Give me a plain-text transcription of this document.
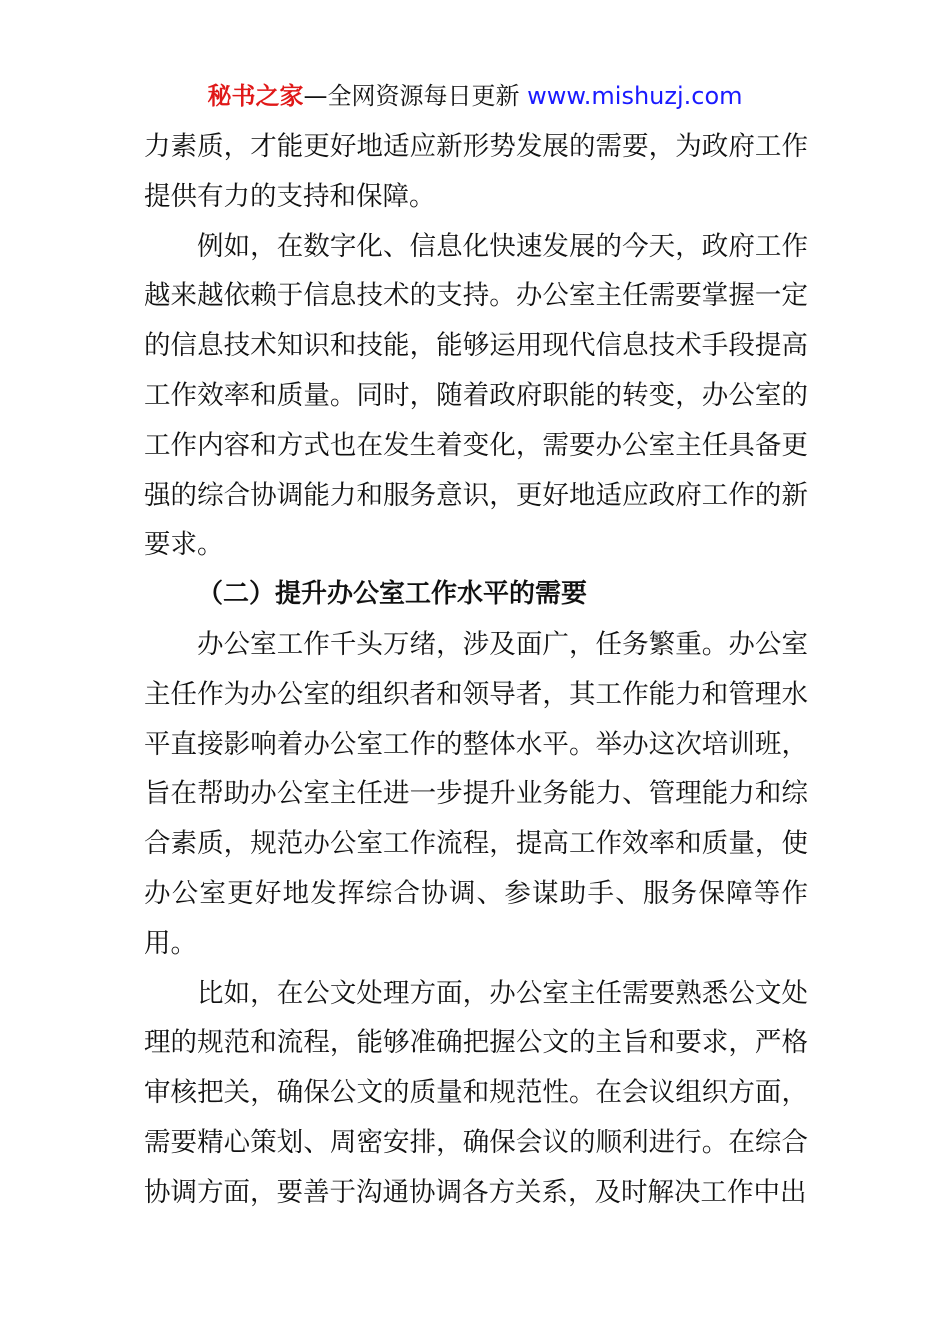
秘书之家—全网资源每日更新 www.mishuzj.com

力素质，才能更好地适应新形势发展的需要，为政府工作提供有力的支持和保障。

例如，在数字化、信息化快速发展的今天，政府工作越来越依赖于信息技术的支持。办公室主任需要掌握一定的信息技术知识和技能，能够运用现代信息技术手段提高工作效率和质量。同时，随着政府职能的转变，办公室的工作内容和方式也在发生着变化，需要办公室主任具备更强的综合协调能力和服务意识，更好地适应政府工作的新要求。

（二）提升办公室工作水平的需要

办公室工作千头万绪，涉及面广，任务繁重。办公室主任作为办公室的组织者和领导者，其工作能力和管理水平直接影响着办公室工作的整体水平。举办这次培训班，旨在帮助办公室主任进一步提升业务能力、管理能力和综合素质，规范办公室工作流程，提高工作效率和质量，使办公室更好地发挥综合协调、参谋助手、服务保障等作用。

比如，在公文处理方面，办公室主任需要熟悉公文处理的规范和流程，能够准确把握公文的主旨和要求，严格审核把关，确保公文的质量和规范性。在会议组织方面，需要精心策划、周密安排，确保会议的顺利进行。在综合协调方面，要善于沟通协调各方关系，及时解决工作中出
